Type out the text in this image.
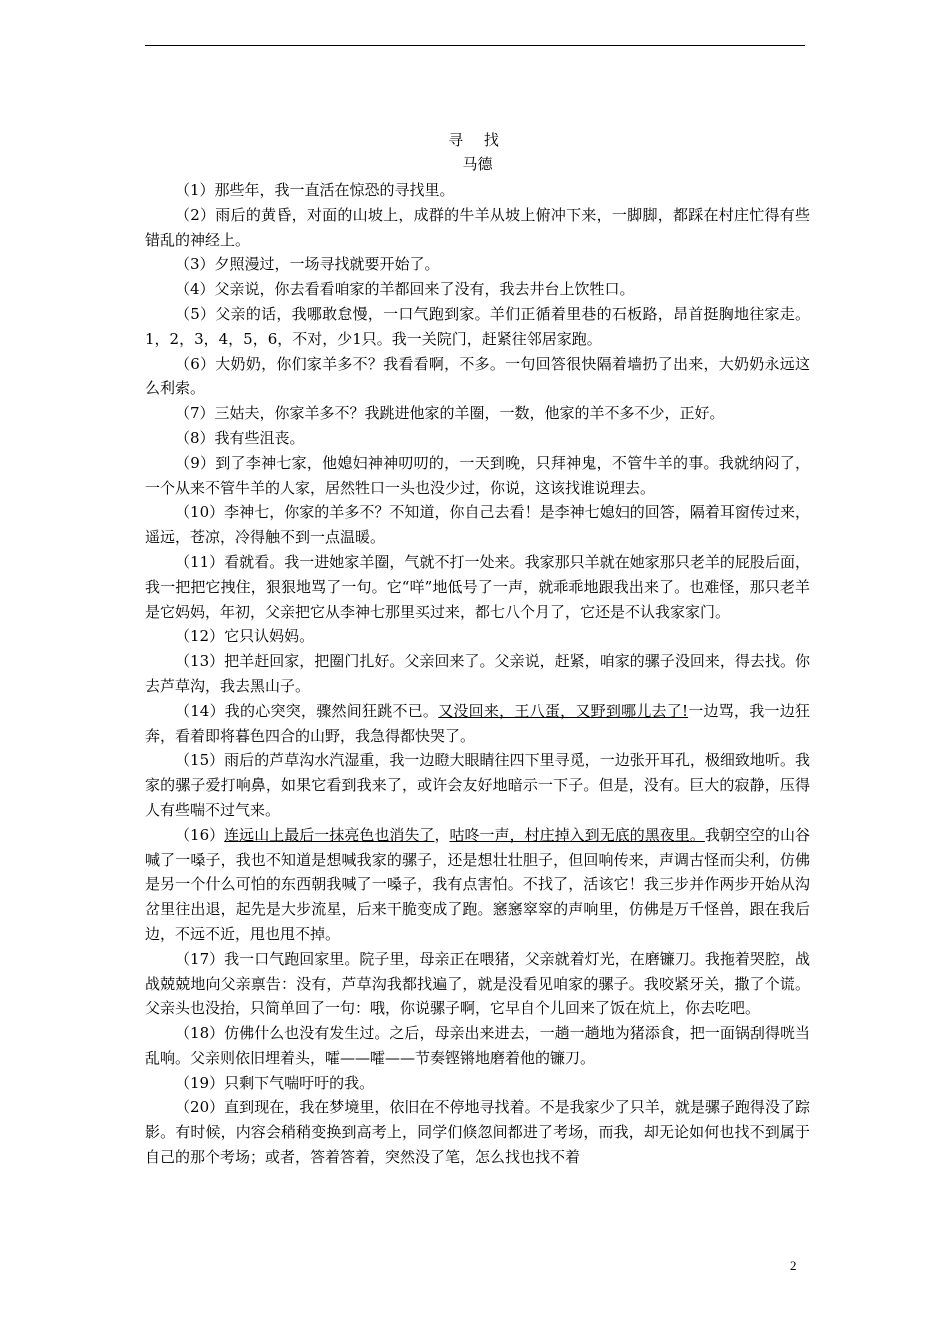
寻 找
马德

（1）那些年，我一直活在惊恐的寻找里。

（2）雨后的黄昏，对面的山坡上，成群的牛羊从坡上俯冲下来，一脚脚，都踩在村庄忙得有些错乱的神经上。

（3）夕照漫过，一场寻找就要开始了。

（4）父亲说，你去看看咱家的羊都回来了没有，我去井台上饮牲口。

（5）父亲的话，我哪敢怠慢，一口气跑到家。羊们正循着里巷的石板路，昂首挺胸地往家走。1，2，3，4，5，6，不对，少1只。我一关院门，赶紧往邻居家跑。

（6）大奶奶，你们家羊多不？我看看啊，不多。一句回答很快隔着墙扔了出来，大奶奶永远这么利索。

（7）三姑夫，你家羊多不？我跳进他家的羊圈，一数，他家的羊不多不少，正好。

（8）我有些沮丧。

（9）到了李神七家，他媳妇神神叨叨的，一天到晚，只拜神鬼，不管牛羊的事。我就纳闷了，一个从来不管牛羊的人家，居然牲口一头也没少过，你说，这该找谁说理去。

（10）李神七，你家的羊多不？不知道，你自己去看！是李神七媳妇的回答，隔着耳窗传过来，遥远，苍凉，冷得触不到一点温暖。

（11）看就看。我一进她家羊圈，气就不打一处来。我家那只羊就在她家那只老羊的屁股后面，我一把把它拽住，狠狠地骂了一句。它“咩”地低号了一声，就乖乖地跟我出来了。也难怪，那只老羊是它妈妈，年初，父亲把它从李神七那里买过来，都七八个月了，它还是不认我家家门。

（12）它只认妈妈。

（13）把羊赶回家，把圈门扎好。父亲回来了。父亲说，赶紧，咱家的骡子没回来，得去找。你去芦草沟，我去黑山子。

（14）我的心突突，骤然间狂跳不已。又没回来，王八蛋，又野到哪儿去了!一边骂，我一边狂奔，看着即将暮色四合的山野，我急得都快哭了。

（15）雨后的芦草沟水汽湿重，我一边瞪大眼睛往四下里寻觅，一边张开耳孔，极细致地听。我家的骡子爱打响鼻，如果它看到我来了，或许会友好地暗示一下子。但是，没有。巨大的寂静，压得人有些喘不过气来。

（16）连远山上最后一抹亮色也消失了，咕咚一声，村庄掉入到无底的黑夜里。我朝空空的山谷喊了一嗓子，我也不知道是想喊我家的骡子，还是想壮壮胆子，但回响传来，声调古怪而尖利，仿佛是另一个什么可怕的东西朝我喊了一嗓子，我有点害怕。不找了，活该它！我三步并作两步开始从沟岔里往出退，起先是大步流星，后来干脆变成了跑。窸窸窣窣的声响里，仿佛是万千怪兽，跟在我后边，不远不近，甩也甩不掉。

（17）我一口气跑回家里。院子里，母亲正在喂猪，父亲就着灯光，在磨镰刀。我拖着哭腔，战战兢兢地向父亲禀告：没有，芦草沟我都找遍了，就是没看见咱家的骡子。我咬紧牙关，撒了个谎。父亲头也没抬，只简单回了一句：哦，你说骡子啊，它早自个儿回来了饭在炕上，你去吃吧。

（18）仿佛什么也没有发生过。之后，母亲出来进去，一趟一趟地为猪添食，把一面锅刮得咣当乱响。父亲则依旧埋着头，嚯——嚯——节奏铿锵地磨着他的镰刀。

（19）只剩下气喘吁吁的我。

（20）直到现在，我在梦境里，依旧在不停地寻找着。不是我家少了只羊，就是骡子跑得没了踪影。有时候，内容会稍稍变换到高考上，同学们倏忽间都进了考场，而我，却无论如何也找不到属于自己的那个考场；或者，答着答着，突然没了笔，怎么找也找不着

2
